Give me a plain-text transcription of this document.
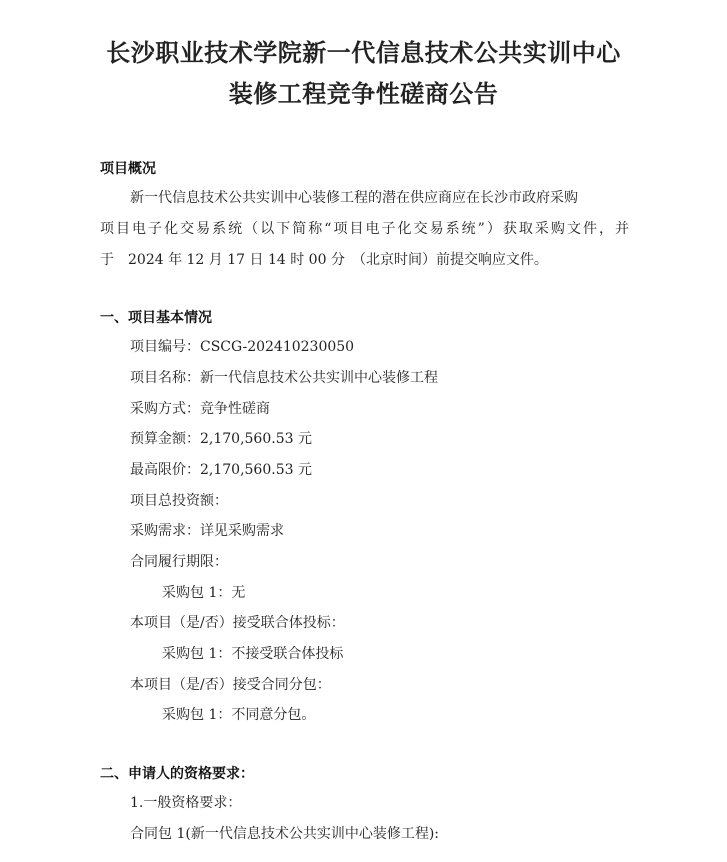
长沙职业技术学院新一代信息技术公共实训中心
装修工程竞争性磋商公告
项目概况
新一代信息技术公共实训中心装修工程的潜在供应商应在长沙市政府采购
项目电子化交易系统（以下简称“项目电子化交易系统”）获取采购文件，并
于　2024 年 12 月 17 日 14 时 00 分　（北京时间）前提交响应文件。
一、项目基本情况
项目编号：CSCG-202410230050
项目名称：新一代信息技术公共实训中心装修工程
采购方式：竞争性磋商
预算金额：2,170,560.53 元
最高限价：2,170,560.53 元
项目总投资额：
采购需求：详见采购需求
合同履行期限：
采购包 1：无
本项目（是/否）接受联合体投标：
采购包 1：不接受联合体投标
本项目（是/否）接受合同分包：
采购包 1：不同意分包。
二、申请人的资格要求：
1.一般资格要求：
合同包 1(新一代信息技术公共实训中心装修工程):
